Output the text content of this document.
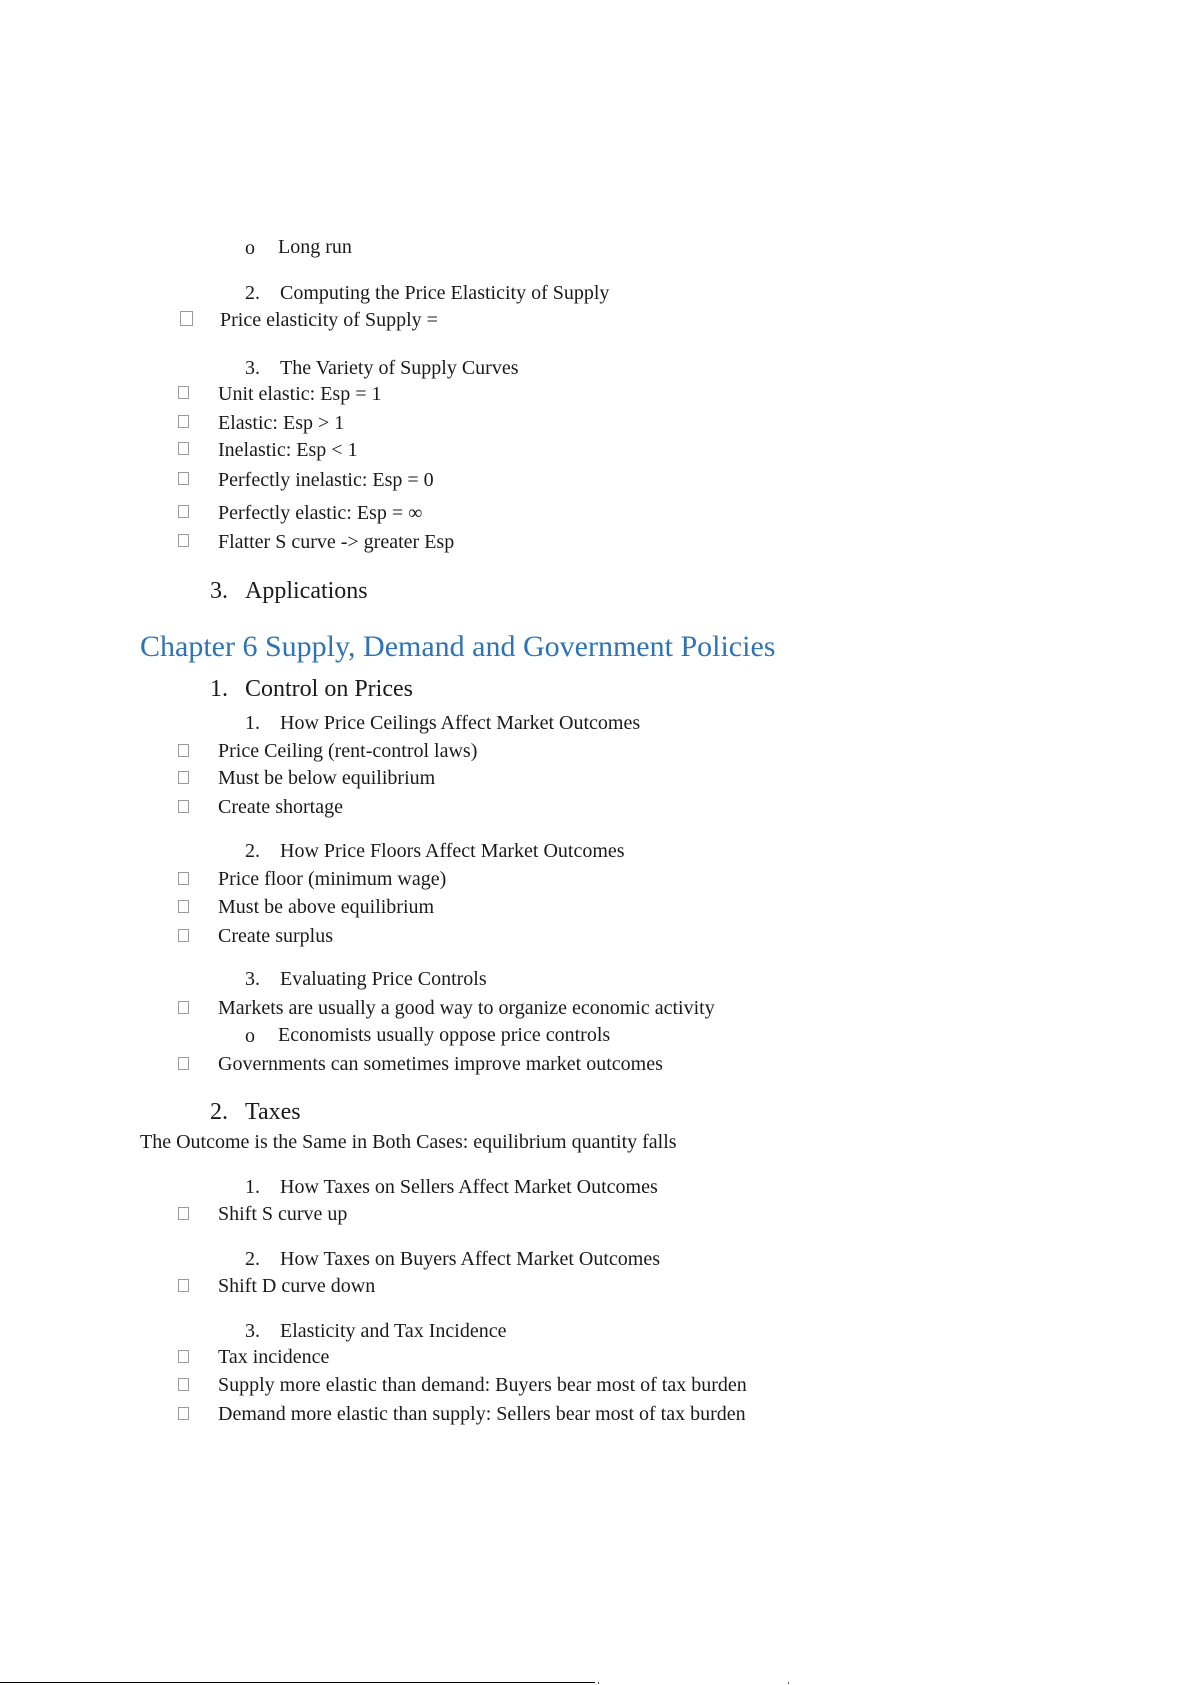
o Long run
2. Computing the Price Elasticity of Supply
Price elasticity of Supply =
3. The Variety of Supply Curves
Unit elastic: Esp = 1
Elastic: Esp > 1
Inelastic: Esp < 1
Perfectly inelastic: Esp = 0
Perfectly elastic: Esp = ∞
Flatter S curve -> greater Esp
3. Applications
Chapter 6 Supply, Demand and Government Policies
1. Control on Prices
1. How Price Ceilings Affect Market Outcomes
Price Ceiling (rent-control laws)
Must be below equilibrium
Create shortage
2. How Price Floors Affect Market Outcomes
Price floor (minimum wage)
Must be above equilibrium
Create surplus
3. Evaluating Price Controls
Markets are usually a good way to organize economic activity
o Economists usually oppose price controls
Governments can sometimes improve market outcomes
2. Taxes
The Outcome is the Same in Both Cases: equilibrium quantity falls
1. How Taxes on Sellers Affect Market Outcomes
Shift S curve up
2. How Taxes on Buyers Affect Market Outcomes
Shift D curve down
3. Elasticity and Tax Incidence
Tax incidence
Supply more elastic than demand: Buyers bear most of tax burden
Demand more elastic than supply: Sellers bear most of tax burden
